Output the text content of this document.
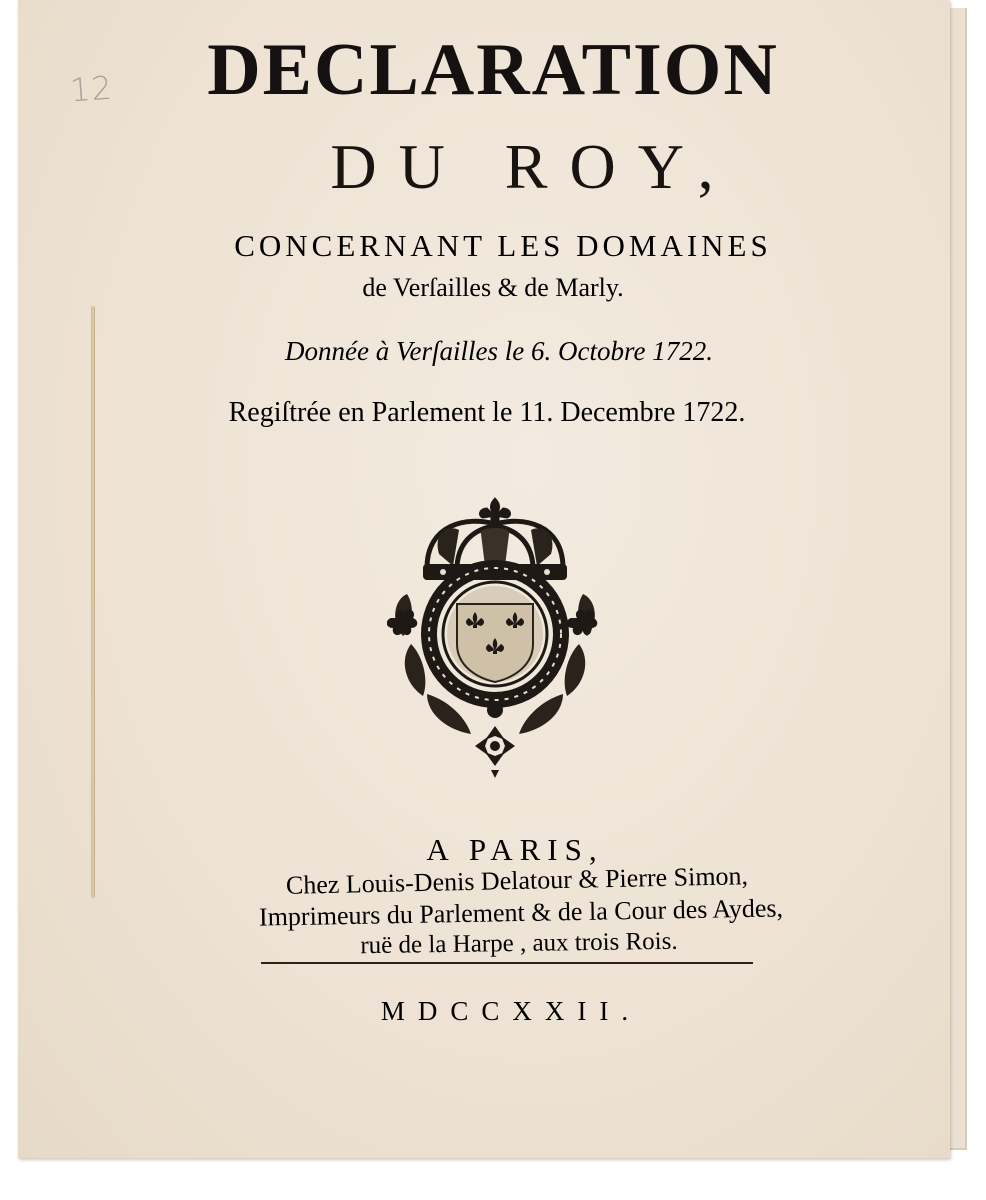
12	DECLARATION
DU ROY,
CONCERNANT LES DOMAINES
de Verſailles & de Marly.
Donnée à Verſailles le 6. Octobre 1722.
Regiſtrée en Parlement le 11. Decembre 1722.
A PARIS,
Chez Louis-Denis Delatour & Pierre Simon,
Imprimeurs du Parlement & de la Cour des Aydes,
ruë de la Harpe , aux trois Rois.
MDCCXXII.
